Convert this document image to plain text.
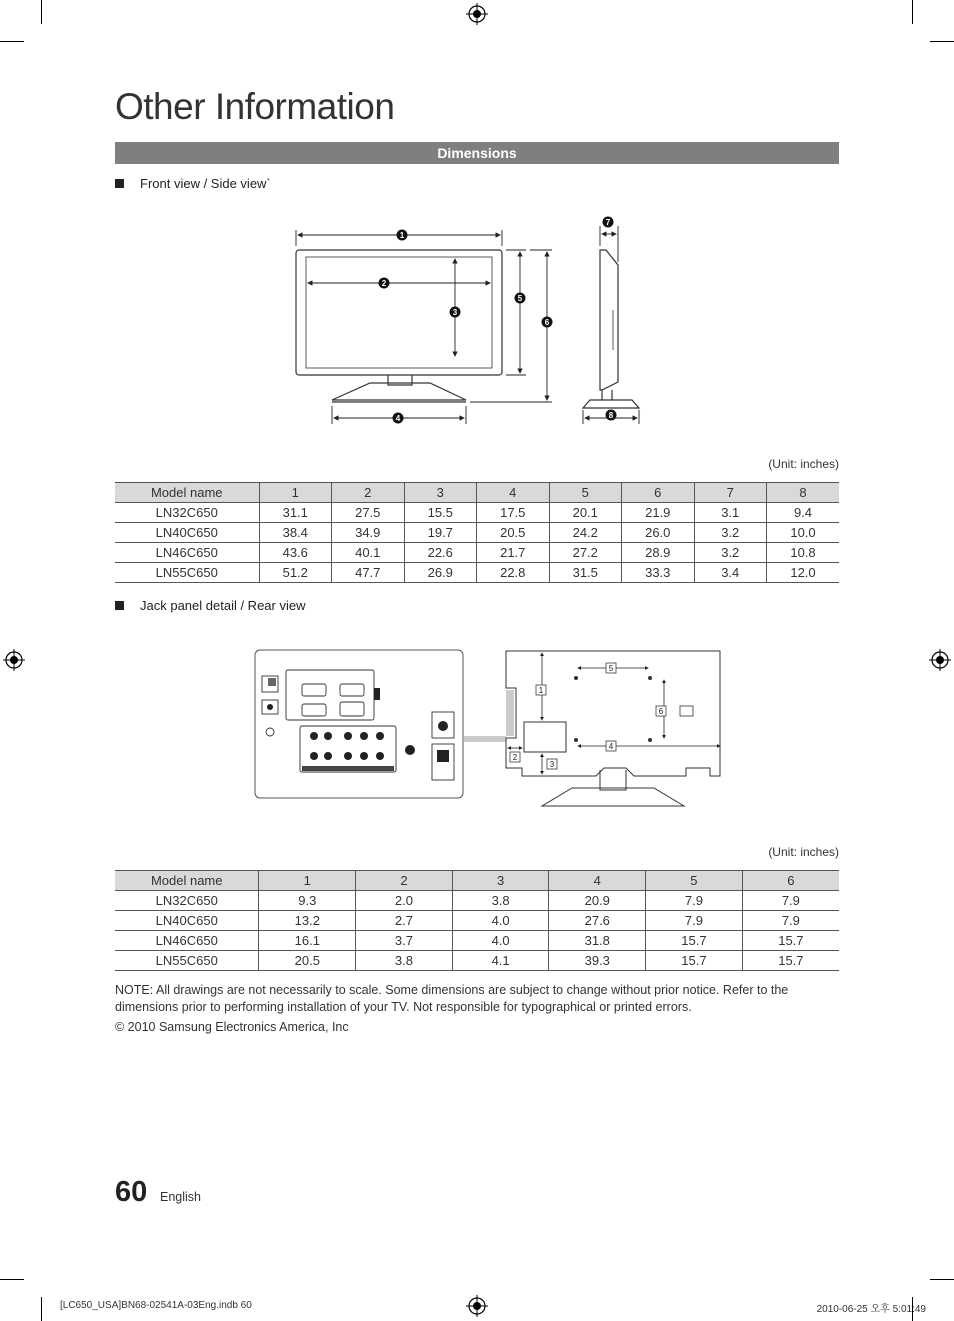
Other Information
Dimensions
Front view / Side view`
1
2
3
4
5
6
7
8
(Unit: inches)
Model name	1	2	3	4	5	6	7	8
LN32C650	31.1	27.5	15.5	17.5	20.1	21.9	3.1	9.4
LN40C650	38.4	34.9	19.7	20.5	24.2	26.0	3.2	10.0
LN46C650	43.6	40.1	22.6	21.7	27.2	28.9	3.2	10.8
LN55C650	51.2	47.7	26.9	22.8	31.5	33.3	3.4	12.0
Jack panel detail / Rear view
1
2
3
4
5
6
(Unit: inches)
Model name	1	2	3	4	5	6
LN32C650	9.3	2.0	3.8	20.9	7.9	7.9
LN40C650	13.2	2.7	4.0	27.6	7.9	7.9
LN46C650	16.1	3.7	4.0	31.8	15.7	15.7
LN55C650	20.5	3.8	4.1	39.3	15.7	15.7
NOTE: All drawings are not necessarily to scale. Some dimensions are subject to change without prior notice. Refer to the dimensions prior to performing installation of your TV. Not responsible for typographical or printed errors.
© 2010 Samsung Electronics America, Inc
60 English
[LC650_USA]BN68-02541A-03Eng.indb 60	2010-06-25 오후 5:01:49
